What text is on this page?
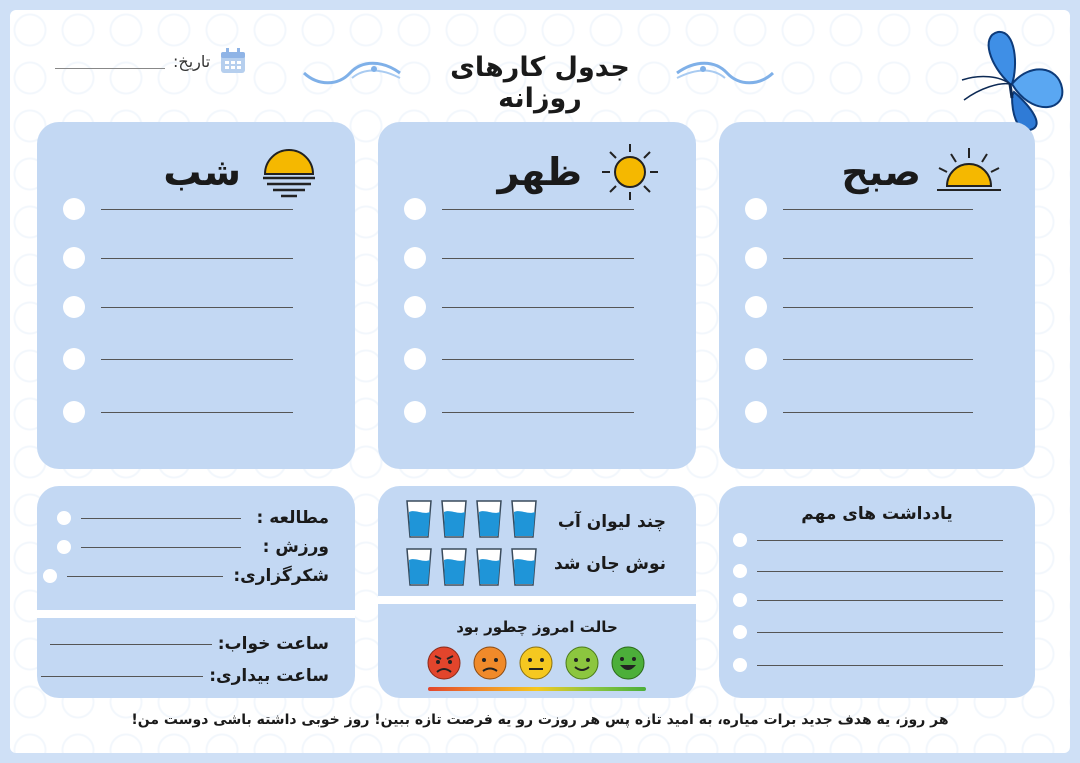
جدول کارهای روزانه
تاریخ:
صبح
ظهر
شب
یادداشت های مهم
چند لیوان آب
نوش جان شد
حالت امروز چطور بود
مطالعه :
ورزش :
شکرگزاری:
ساعت خواب:
ساعت بیداری:
هر روز، یه هدف جدید برات میاره، به امید تازه پس هر روزت رو یه فرصت تازه ببین! روز خوبی داشته باشی دوست من!
